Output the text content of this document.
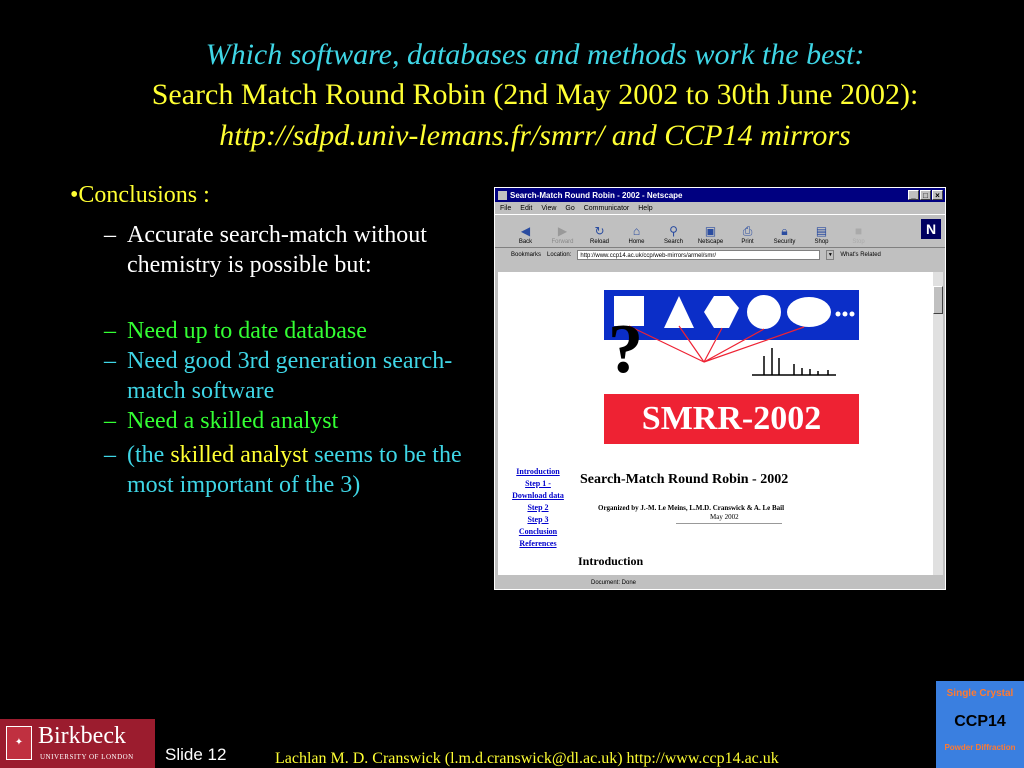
Which software, databases and methods work the best:
Search Match Round Robin (2nd May 2002 to 30th June 2002):
http://sdpd.univ-lemans.fr/smrr/ and CCP14 mirrors
•Conclusions :
– Accurate search-match without chemistry is possible but:
– Need up to date database
– Need good 3rd generation search-match software
– Need a skilled analyst
– (the skilled analyst seems to be the most important of the 3)
Search-Match Round Robin - 2002 - Netscape	_ □ ×
File Edit View Go Communicator Help
◀
Back
▶
Forward
↻
Reload
⌂
Home
⚲
Search
▣
Netscape
⎙
Print
🔒︎
Security
▤
Shop
■
Stop
N
Bookmarks Location:	http://www.ccp14.ac.uk/ccp/web-mirrors/armel/smr/	▼ What's Related
?
SMRR-2002
Introduction
Step 1 -
Download data
Step 2
Step 3
Conclusion
References
Search-Match Round Robin - 2002
Organized by J.-M. Le Meins, L.M.D. Cranswick & A. Le Bail
May 2002
Introduction
Document: Done
✦ Birkbeck
UNIVERSITY OF LONDON Slide 12	Lachlan M. D. Cranswick (l.m.d.cranswick@dl.ac.uk) http://www.ccp14.ac.uk
Single Crystal
CCP14
Powder Diffraction
